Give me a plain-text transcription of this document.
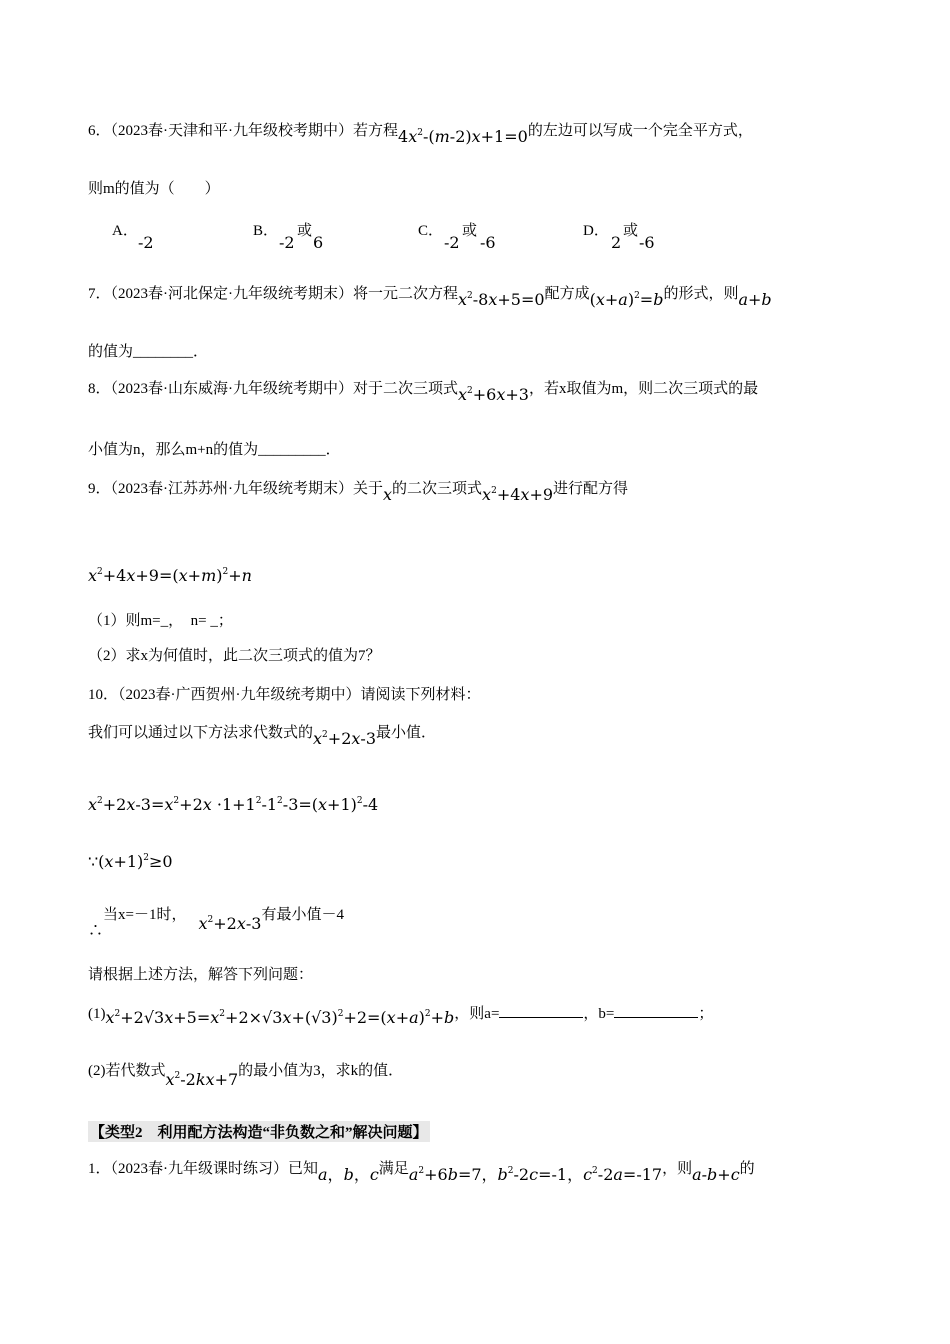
6．（2023春·天津和平·九年级校考期中）若方程$4x^2-(m-2)x+1=0$的左边可以写成一个完全平方式，
则m的值为（　　）
A．
-2
B．
-2
或
6
C．
-2
或
-6
D．
2
或
-6
7．（2023春·河北保定·九年级统考期末）将一元二次方程$x^2-8x+5=0$配方成$(x+a)^2=b$的形式，则a+b
的值为________．
8．（2023春·山东威海·九年级统考期中）对于二次三项式$x^2+6x+3$，若x取值为m，则二次三项式的最
小值为n，那么m+n的值为_________．
9．（2023春·江苏苏州·九年级统考期末）关于x的二次三项式$x^2+4x+9$进行配方得
$x^2+4x+9=(x+m)^2+n$
（1）则m=_，　n= _；
（2）求x为何值时，此二次三项式的值为7？
10．（2023春·广西贺州·九年级统考期中）请阅读下列材料：
我们可以通过以下方法求代数式的$x^2+2x-3$最小值．
$x^2+2x-3=x^2+2x \cdot 1+1^2-1^2-3=(x+1)^2-4$
$\because(x+1)^2\ge 0$
∴当x=－1时， $x^2+2x-3$有最小值－4
请根据上述方法，解答下列问题：
$(1)x^2+2√3x+5=x^2+2\times√3x+(√3)^2+2=(x+a)^2+b$，则a=	，b=	；
(2)若代数式$x^2-2kx+7$的最小值为3，求k的值．
【类型2　利用配方法构造“非负数之和”解决问题】
1．（2023春·九年级课时练习）已知a，b，c满足$a^2+6b=7$，$b^2-2c=-1$，$c^2-2a=-17$，则a-b+c的
